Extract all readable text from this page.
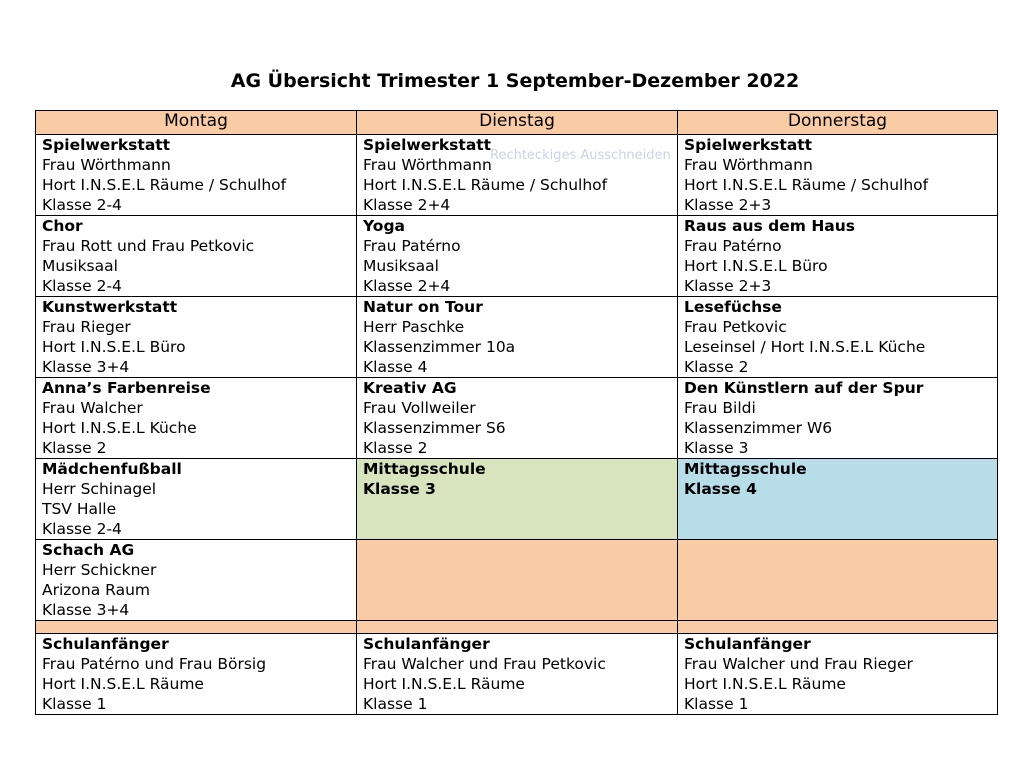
AG Übersicht Trimester 1 September-Dezember 2022
Rechteckiges Ausschneiden
Montag	Dienstag	Donnerstag

Spielwerkstatt
Frau Wörthmann
Hort I.N.S.E.L Räume / Schulhof
Klasse 2-4	Spielwerkstatt
Frau Wörthmann
Hort I.N.S.E.L Räume / Schulhof
Klasse 2+4	Spielwerkstatt
Frau Wörthmann
Hort I.N.S.E.L Räume / Schulhof
Klasse 2+3

Chor
Frau Rott und Frau Petkovic
Musiksaal
Klasse 2-4	Yoga
Frau Patérno
Musiksaal
Klasse 2+4	Raus aus dem Haus
Frau Patérno
Hort I.N.S.E.L Büro
Klasse 2+3

Kunstwerkstatt
Frau Rieger
Hort I.N.S.E.L Büro
Klasse 3+4	Natur on Tour
Herr Paschke
Klassenzimmer 10a
Klasse 4	Lesefüchse
Frau Petkovic
Leseinsel / Hort I.N.S.E.L Küche
Klasse 2

Anna’s Farbenreise
Frau Walcher
Hort I.N.S.E.L Küche
Klasse 2	Kreativ AG
Frau Vollweiler
Klassenzimmer S6
Klasse 2	Den Künstlern auf der Spur
Frau Bildi
Klassenzimmer W6
Klasse 3

Mädchenfußball
Herr Schinagel
TSV Halle
Klasse 2-4	Mittagsschule
Klasse 3	Mittagsschule
Klasse 4

Schach AG
Herr Schickner
Arizona Raum
Klasse 3+4		

Schulanfänger
Frau Patérno und Frau Börsig
Hort I.N.S.E.L Räume
Klasse 1	Schulanfänger
Frau Walcher und Frau Petkovic
Hort I.N.S.E.L Räume
Klasse 1	Schulanfänger
Frau Walcher und Frau Rieger
Hort I.N.S.E.L Räume
Klasse 1
